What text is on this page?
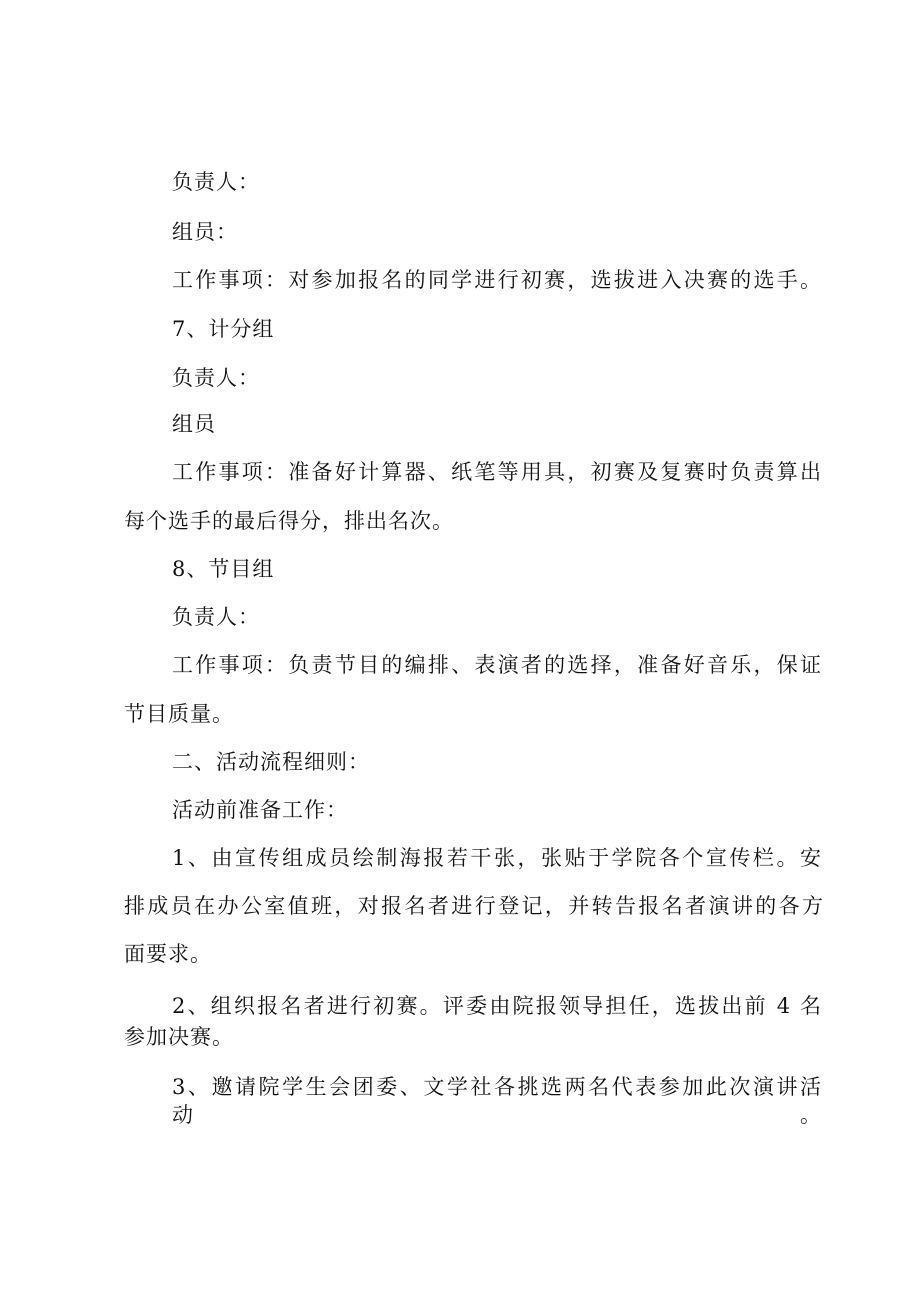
负责人：
组员：
工作事项：对参加报名的同学进行初赛，选拔进入决赛的选手。
7、计分组
负责人：
组员
工作事项：准备好计算器、纸笔等用具，初赛及复赛时负责算出
每个选手的最后得分，排出名次。
8、节目组
负责人：
工作事项：负责节目的编排、表演者的选择，准备好音乐，保证
节目质量。
二、活动流程细则：
活动前准备工作：
1、由宣传组成员绘制海报若干张，张贴于学院各个宣传栏。安
排成员在办公室值班，对报名者进行登记，并转告报名者演讲的各方
面要求。
2、组织报名者进行初赛。评委由院报领导担任，选拔出前 4 名
参加决赛。
3、邀请院学生会团委、文学社各挑选两名代表参加此次演讲活动。
